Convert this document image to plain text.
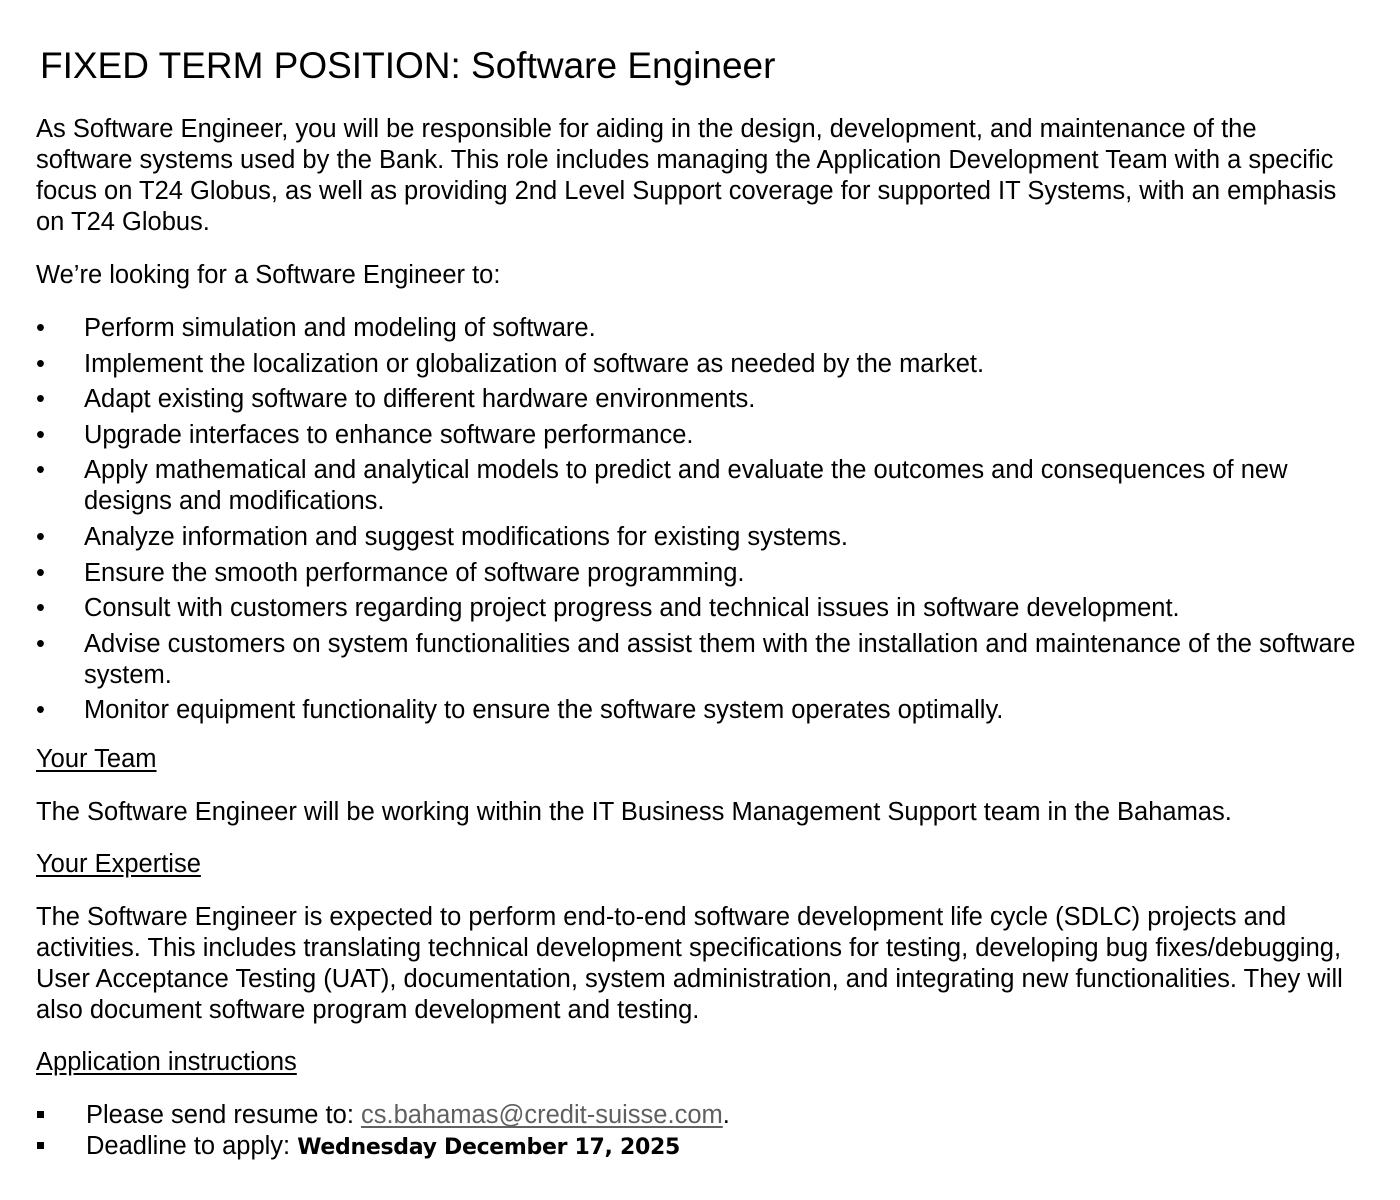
FIXED TERM POSITION: Software Engineer

As Software Engineer, you will be responsible for aiding in the design, development, and maintenance of the software systems used by the Bank. This role includes managing the Application Development Team with a specific focus on T24 Globus, as well as providing 2nd Level Support coverage for supported IT Systems, with an emphasis on T24 Globus.

We’re looking for a Software Engineer to:

•	Perform simulation and modeling of software.
•	Implement the localization or globalization of software as needed by the market.
•	Adapt existing software to different hardware environments.
•	Upgrade interfaces to enhance software performance.
•	Apply mathematical and analytical models to predict and evaluate the outcomes and consequences of new designs and modifications.
•	Analyze information and suggest modifications for existing systems.
•	Ensure the smooth performance of software programming.
•	Consult with customers regarding project progress and technical issues in software development.
•	Advise customers on system functionalities and assist them with the installation and maintenance of the software system.
•	Monitor equipment functionality to ensure the software system operates optimally.

Your Team

The Software Engineer will be working within the IT Business Management Support team in the Bahamas.

Your Expertise

The Software Engineer is expected to perform end-to-end software development life cycle (SDLC) projects and activities. This includes translating technical development specifications for testing, developing bug fixes/debugging, User Acceptance Testing (UAT), documentation, system administration, and integrating new functionalities. They will also document software program development and testing.

Application instructions

Please send resume to: cs.bahamas@credit-suisse.com.
Deadline to apply: Wednesday December 17, 2025
